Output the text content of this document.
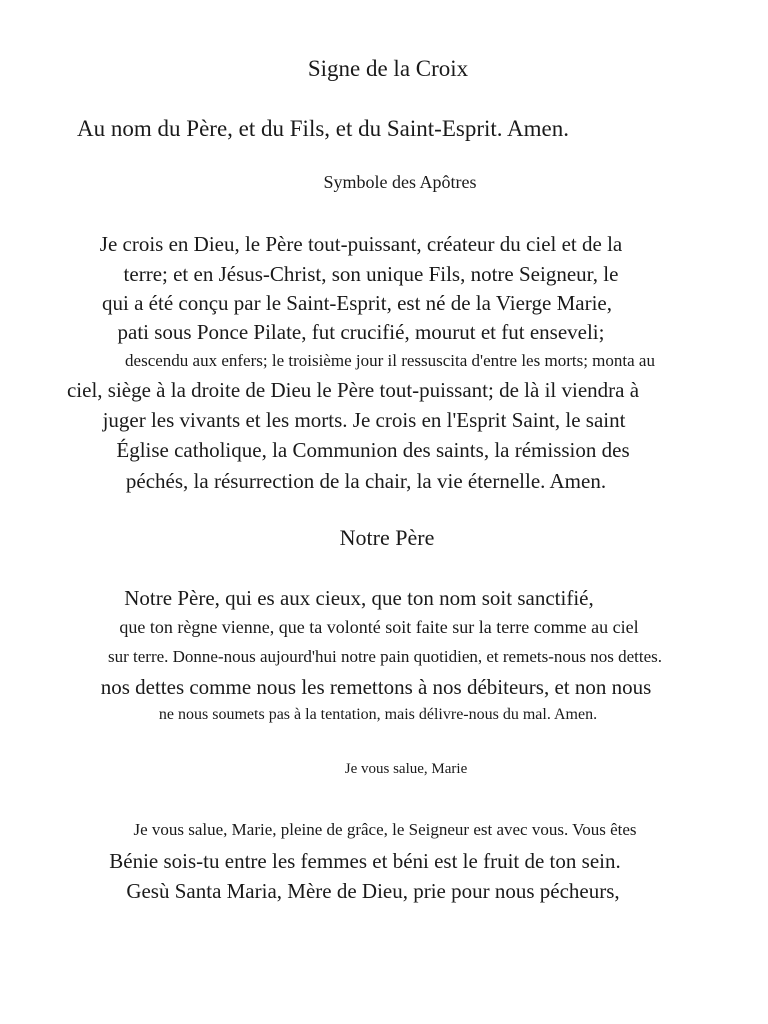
Signe de la Croix
Au nom du Père, et du Fils, et du Saint-Esprit. Amen.
Symbole des Apôtres
Je crois en Dieu, le Père tout-puissant, créateur du ciel et de la
terre; et en Jésus-Christ, son unique Fils, notre Seigneur, le
qui a été conçu par le Saint-Esprit, est né de la Vierge Marie,
pati sous Ponce Pilate, fut crucifié, mourut et fut enseveli;
descendu aux enfers; le troisième jour il ressuscita d'entre les morts; monta au
ciel, siège à la droite de Dieu le Père tout-puissant; de là il viendra à
juger les vivants et les morts. Je crois en l'Esprit Saint, le saint
Église catholique, la Communion des saints, la rémission des
péchés, la résurrection de la chair, la vie éternelle. Amen.
Notre Père
Notre Père, qui es aux cieux, que ton nom soit sanctifié,
que ton règne vienne, que ta volonté soit faite sur la terre comme au ciel
sur terre. Donne-nous aujourd'hui notre pain quotidien, et remets-nous nos dettes.
nos dettes comme nous les remettons à nos débiteurs, et non nous
ne nous soumets pas à la tentation, mais délivre-nous du mal. Amen.
Je vous salue, Marie
Je vous salue, Marie, pleine de grâce, le Seigneur est avec vous. Vous êtes
Bénie sois-tu entre les femmes et béni est le fruit de ton sein.
Gesù Santa Maria, Mère de Dieu, prie pour nous pécheurs,
